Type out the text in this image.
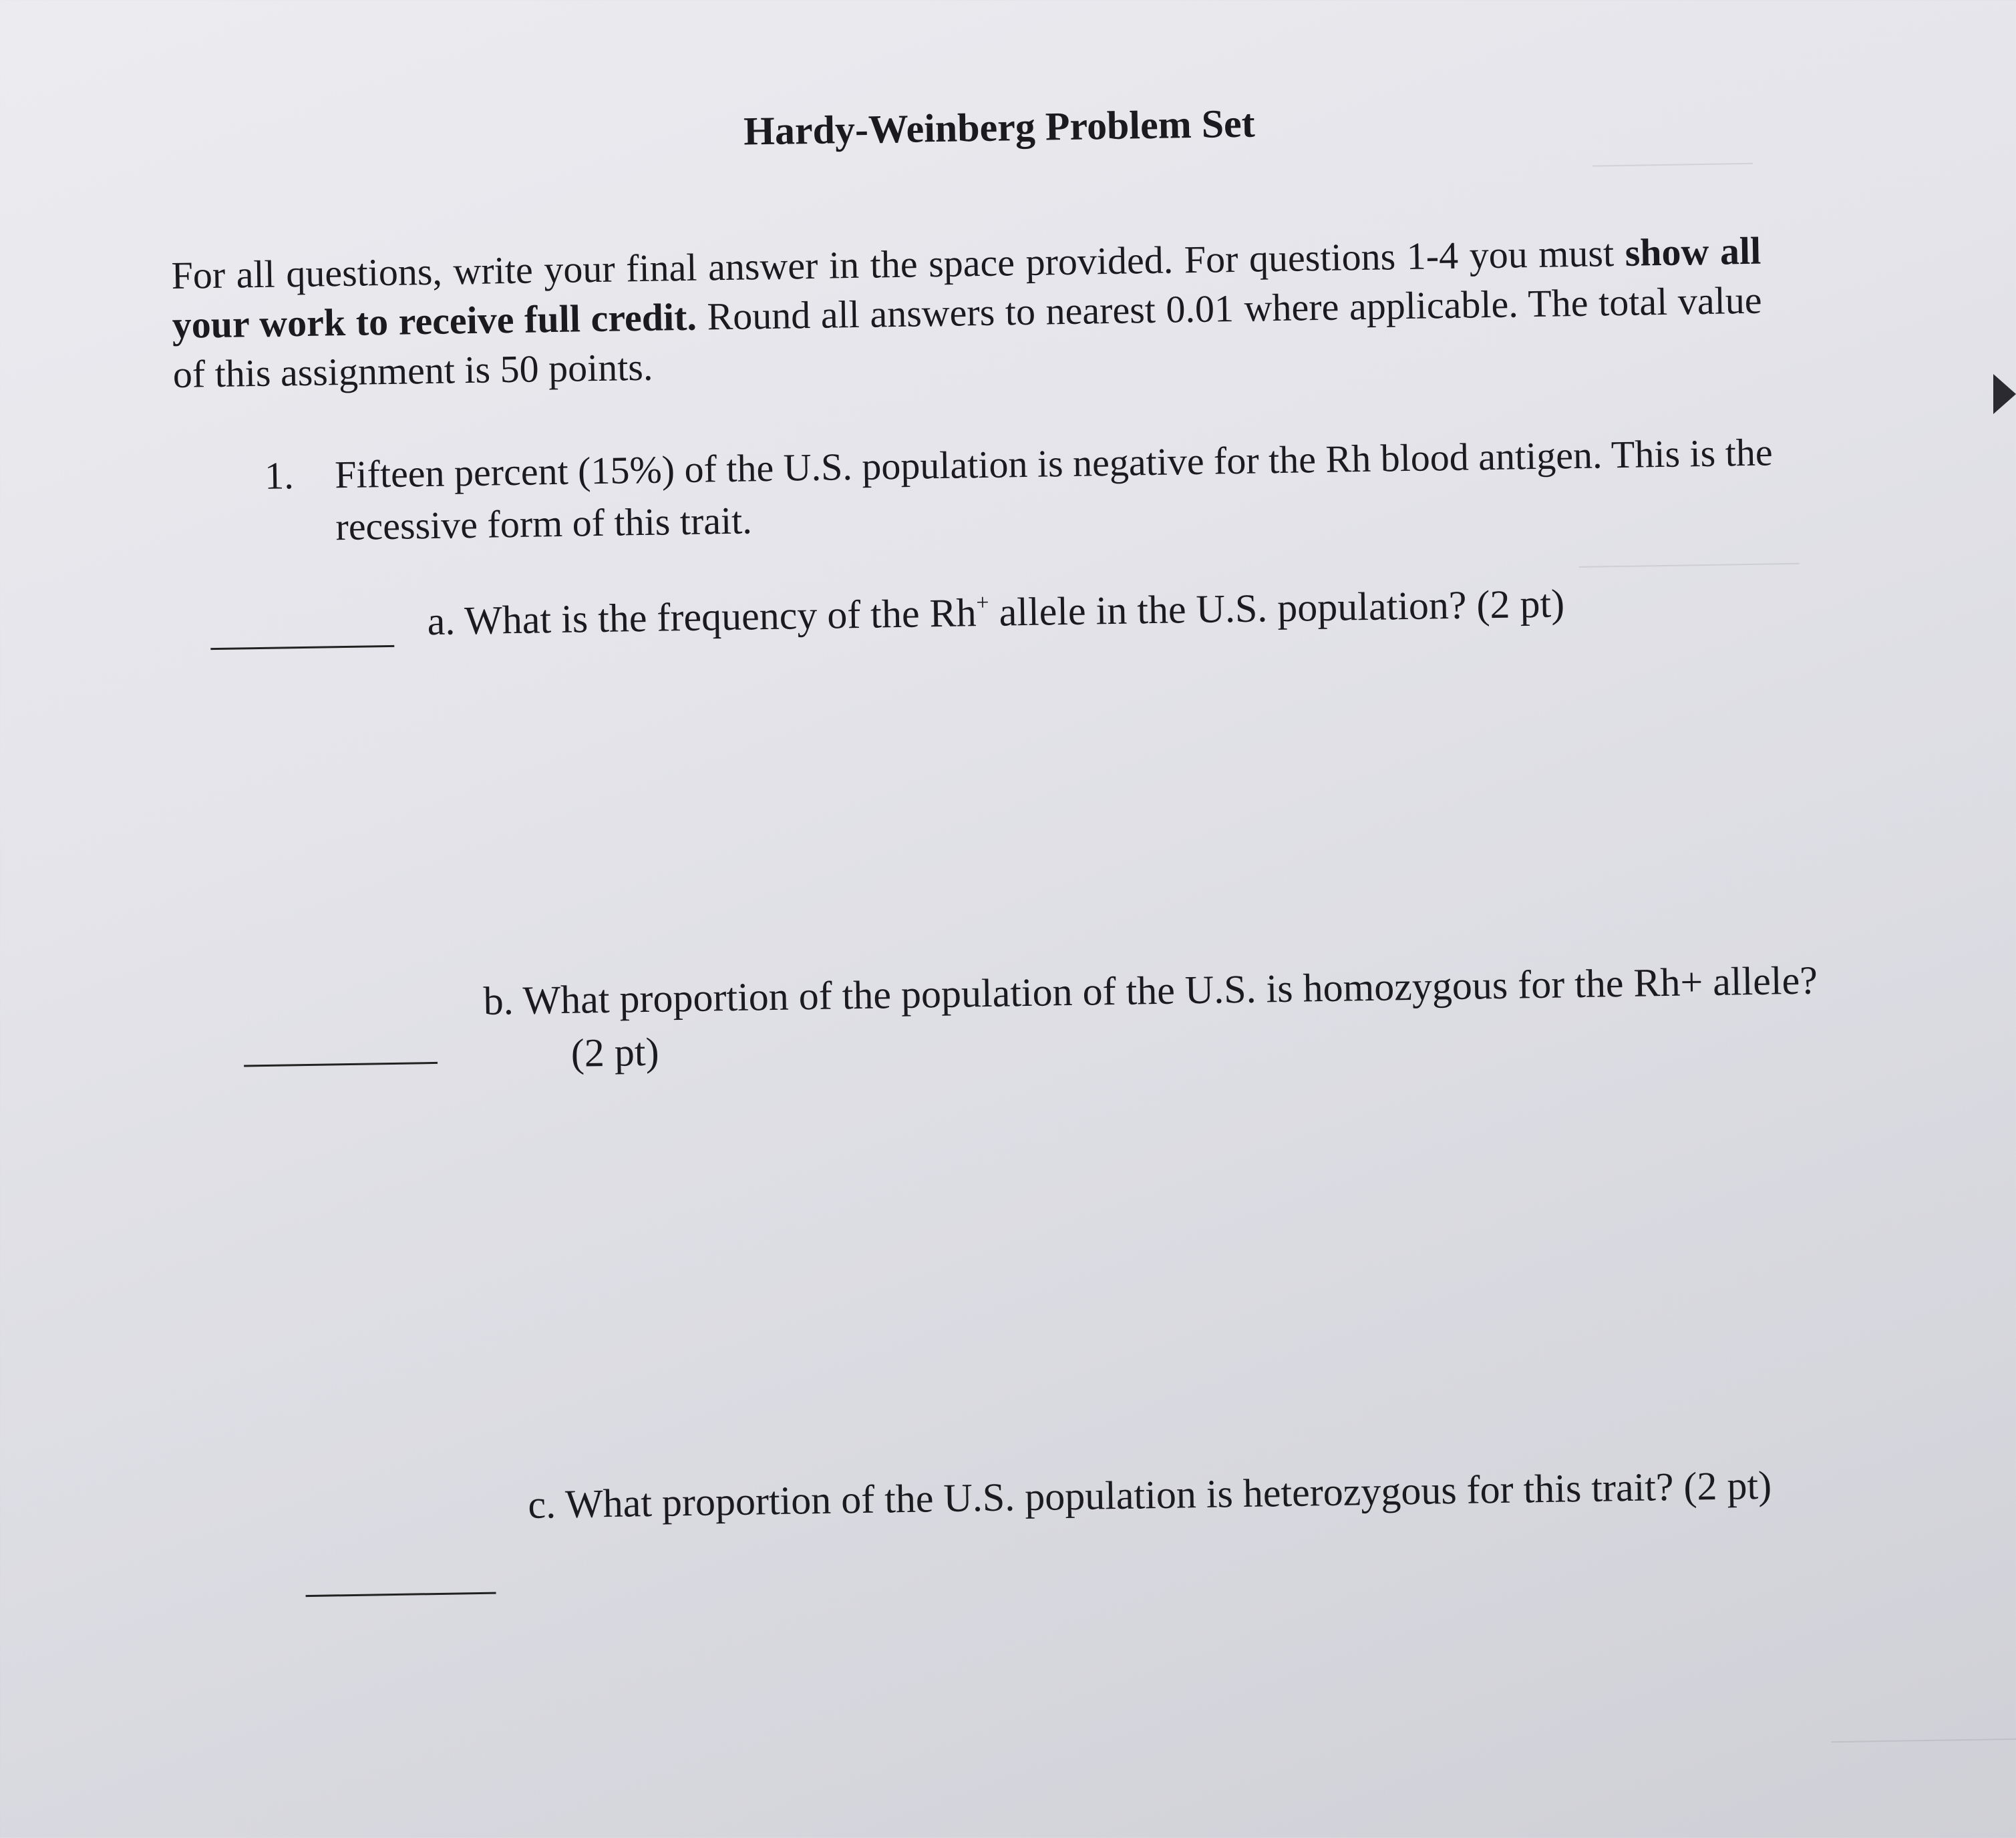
Hardy-Weinberg Problem Set
For all questions, write your final answer in the space provided. For questions 1-4 you must show all your work to receive full credit. Round all answers to nearest 0.01 where applicable. The total value of this assignment is 50 points.
1. Fifteen percent (15%) of the U.S. population is negative for the Rh blood antigen. This is the recessive form of this trait.
a. What is the frequency of the Rh+ allele in the U.S. population? (2 pt)
b. What proportion of the population of the U.S. is homozygous for the Rh+ allele?
(2 pt)
c. What proportion of the U.S. population is heterozygous for this trait? (2 pt)
